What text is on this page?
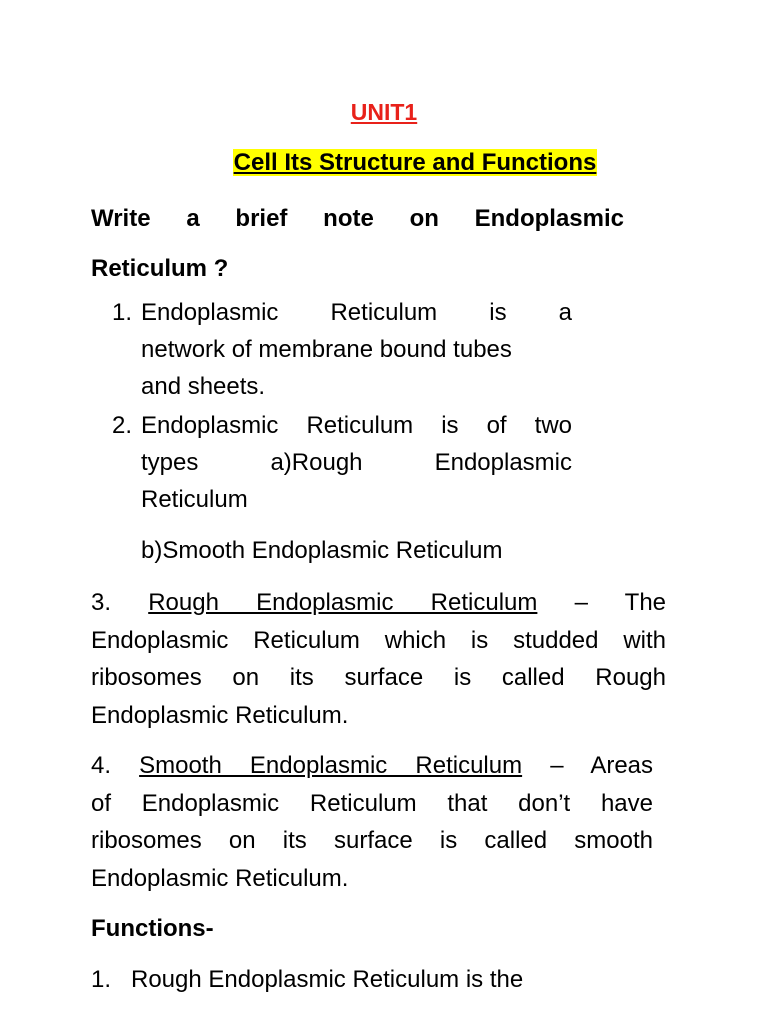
UNIT1
Cell Its Structure and Functions
Write a brief note on Endoplasmic
Reticulum ?
1. Endoplasmic Reticulum is a
network of membrane bound tubes
and sheets.
2. Endoplasmic Reticulum is of two
types a)Rough Endoplasmic
Reticulum
b)Smooth Endoplasmic Reticulum
3. Rough Endoplasmic Reticulum – The
Endoplasmic Reticulum which is studded with
ribosomes on its surface is called Rough
Endoplasmic Reticulum.
4. Smooth Endoplasmic Reticulum – Areas
of Endoplasmic Reticulum that don’t have
ribosomes on its surface is called smooth
Endoplasmic Reticulum.
Functions-
1. Rough Endoplasmic Reticulum is the
